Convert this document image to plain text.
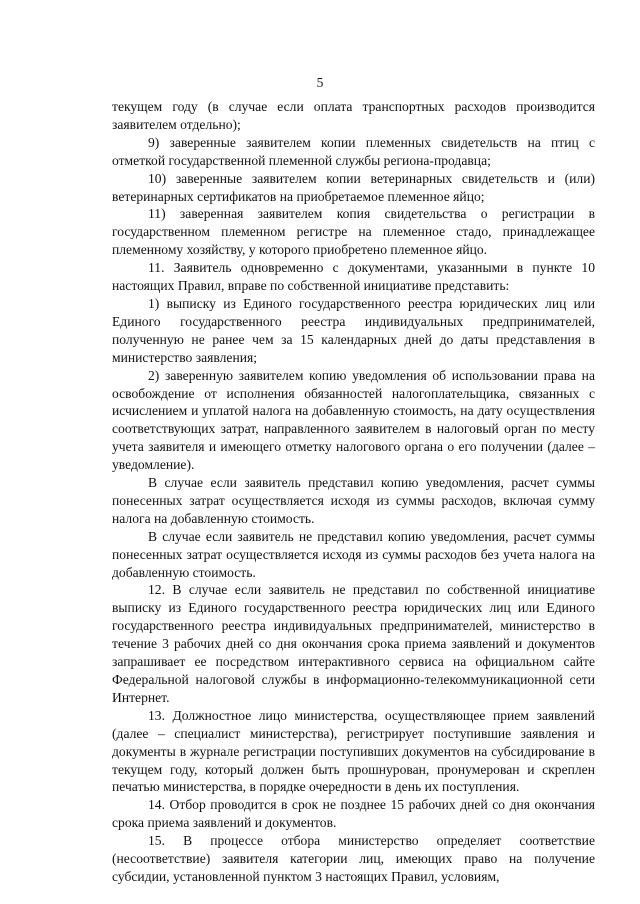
5

текущем году (в случае если оплата транспортных расходов производится заявителем отдельно);

9) заверенные заявителем копии племенных свидетельств на птиц с отметкой государственной племенной службы региона-продавца;

10) заверенные заявителем копии ветеринарных свидетельств и (или) ветеринарных сертификатов на приобретаемое племенное яйцо;

11) заверенная заявителем копия свидетельства о регистрации в государственном племенном регистре на племенное стадо, принадлежащее племенному хозяйству, у которого приобретено племенное яйцо.

11. Заявитель одновременно с документами, указанными в пункте 10 настоящих Правил, вправе по собственной инициативе представить:

1) выписку из Единого государственного реестра юридических лиц или Единого государственного реестра индивидуальных предпринимателей, полученную не ранее чем за 15 календарных дней до даты представления в министерство заявления;

2) заверенную заявителем копию уведомления об использовании права на освобождение от исполнения обязанностей налогоплательщика, связанных с исчислением и уплатой налога на добавленную стоимость, на дату осуществления соответствующих затрат, направленного заявителем в налоговый орган по месту учета заявителя и имеющего отметку налогового органа о его получении (далее – уведомление).

В случае если заявитель представил копию уведомления, расчет суммы понесенных затрат осуществляется исходя из суммы расходов, включая сумму налога на добавленную стоимость.

В случае если заявитель не представил копию уведомления, расчет суммы понесенных затрат осуществляется исходя из суммы расходов без учета налога на добавленную стоимость.

12. В случае если заявитель не представил по собственной инициативе выписку из Единого государственного реестра юридических лиц или Единого государственного реестра индивидуальных предпринимателей, министерство в течение 3 рабочих дней со дня окончания срока приема заявлений и документов запрашивает ее посредством интерактивного сервиса на официальном сайте Федеральной налоговой службы в информационно-телекоммуникационной сети Интернет.

13. Должностное лицо министерства, осуществляющее прием заявлений (далее – специалист министерства), регистрирует поступившие заявления и документы в журнале регистрации поступивших документов на субсидирование в текущем году, который должен быть прошнурован, пронумерован и скреплен печатью министерства, в порядке очередности в день их поступления.

14. Отбор проводится в срок не позднее 15 рабочих дней со дня окончания срока приема заявлений и документов.

15. В процессе отбора министерство определяет соответствие (несоответствие) заявителя категории лиц, имеющих право на получение субсидии, установленной пунктом 3 настоящих Правил, условиям,
